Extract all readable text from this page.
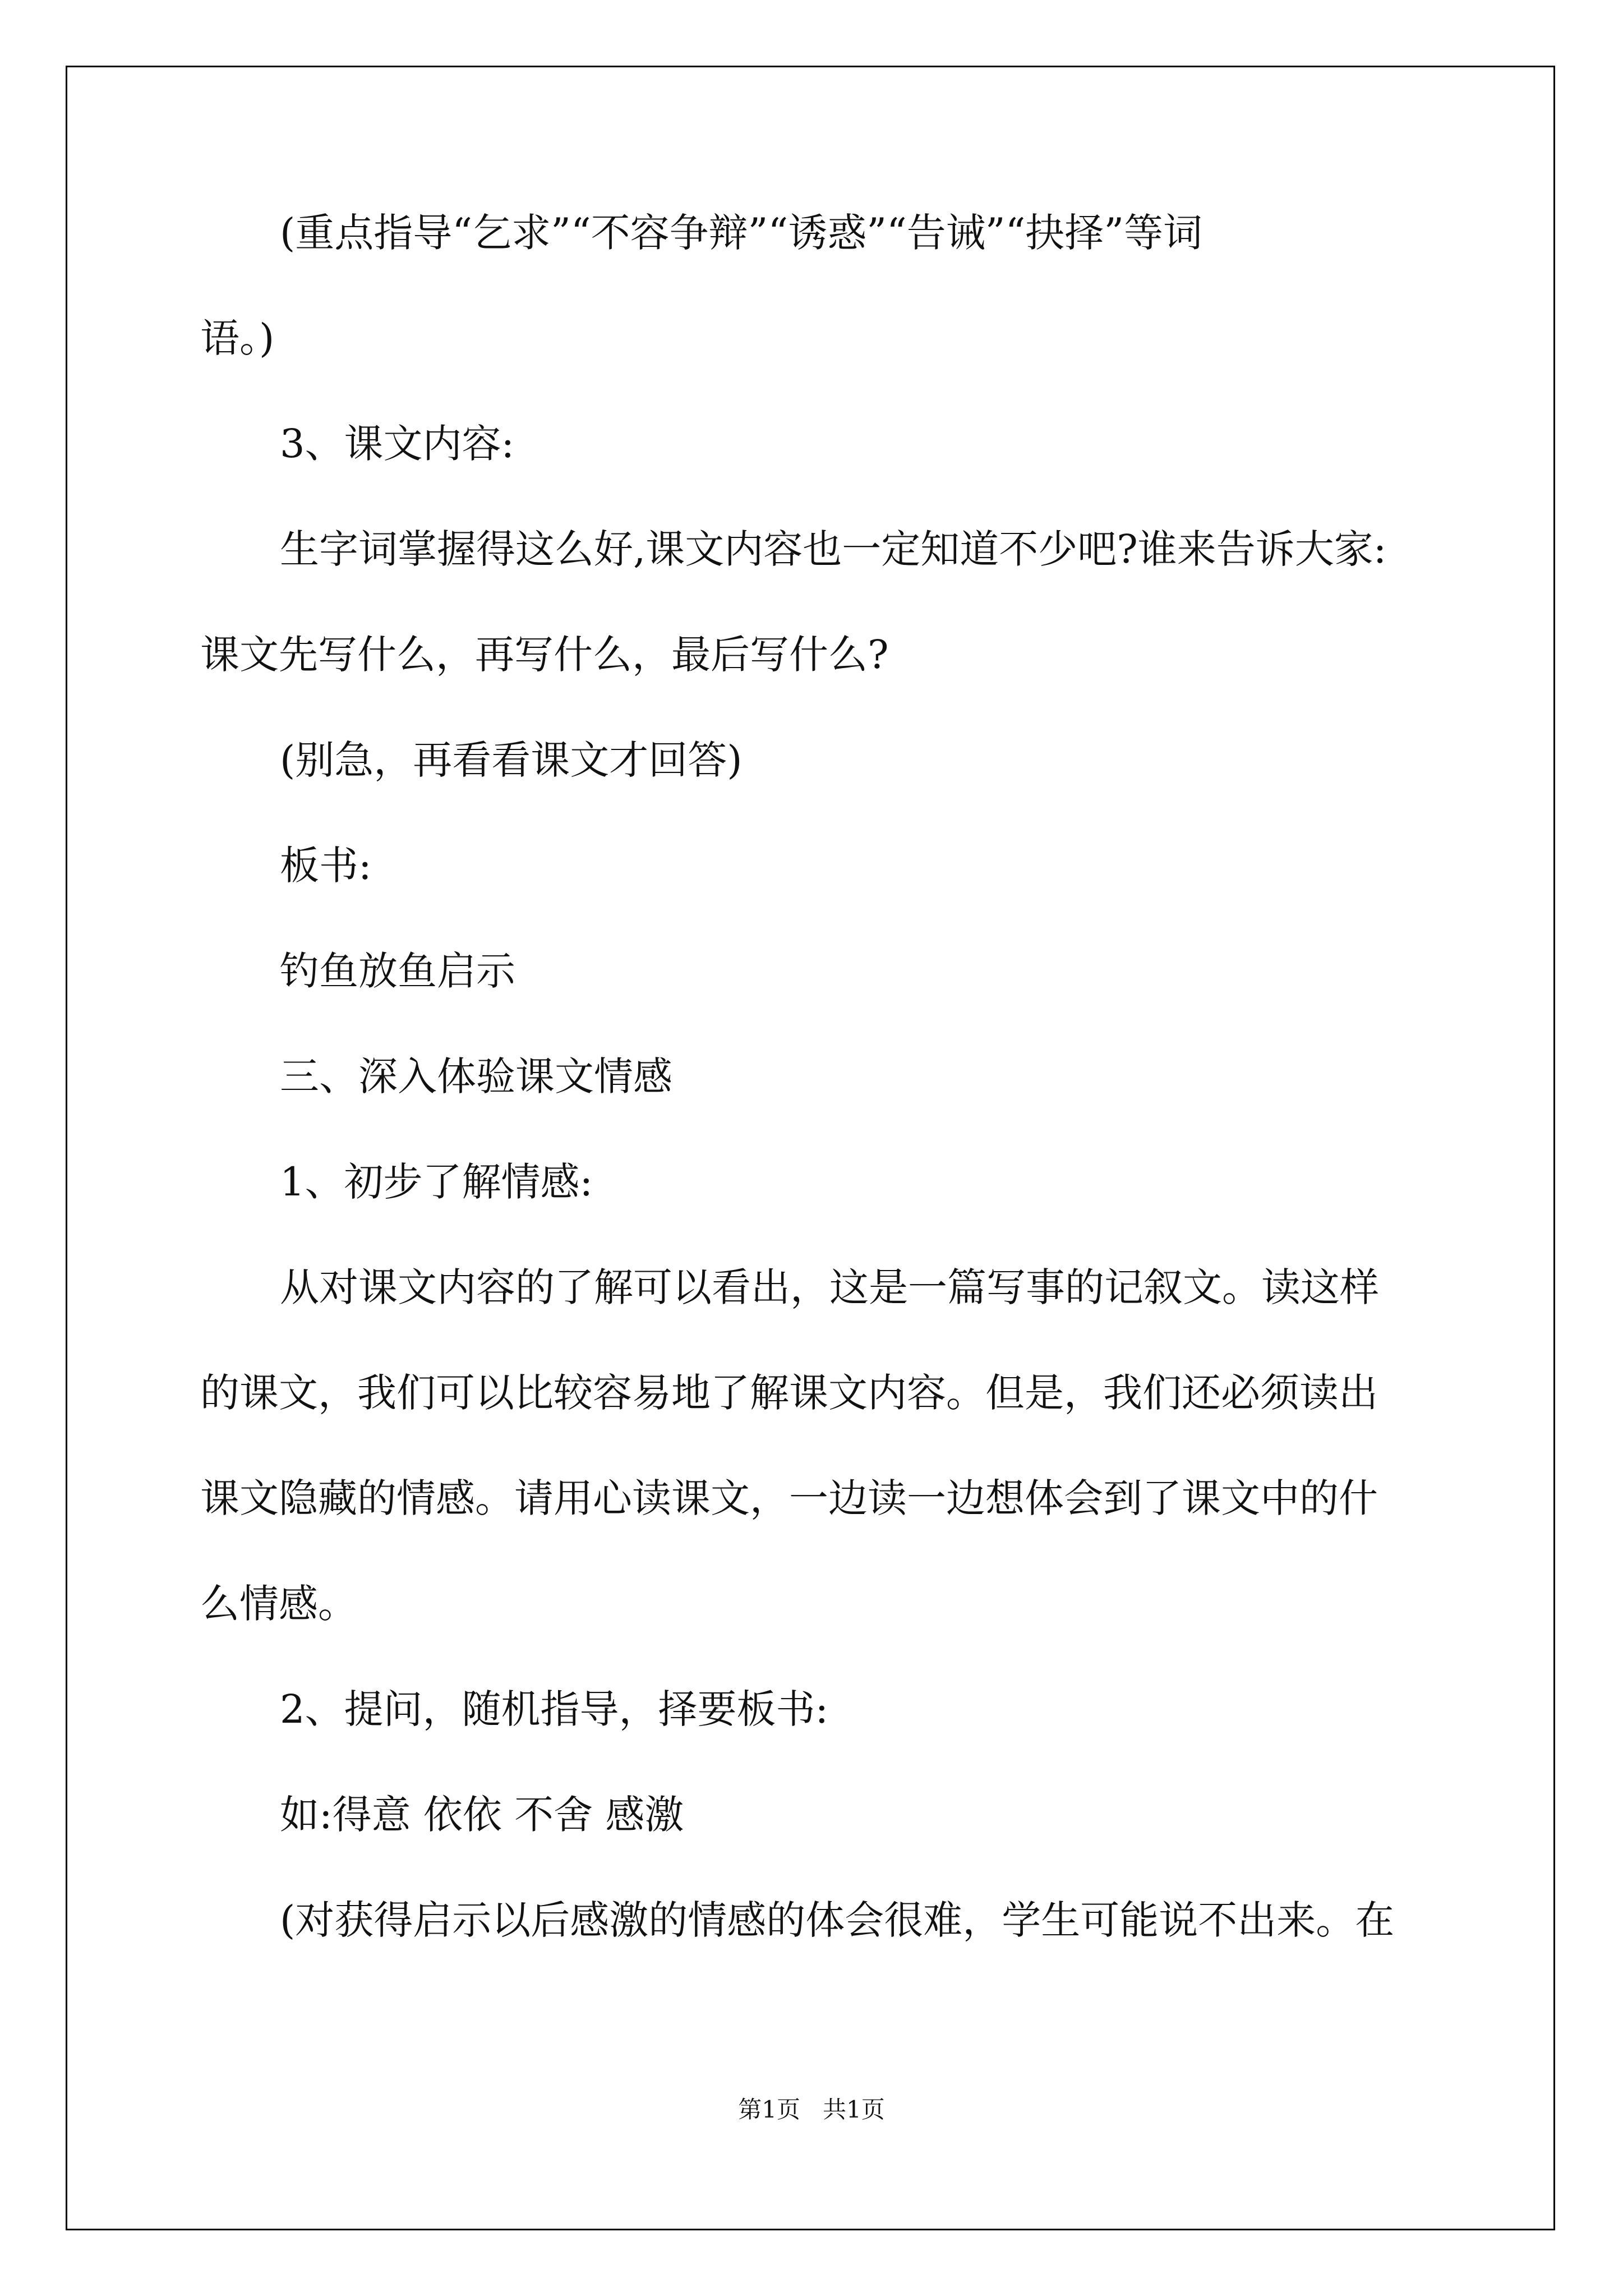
(重点指导“乞求”“不容争辩”“诱惑”“告诫”“抉择”等词
语。)
3、课文内容:
生字词掌握得这么好,课文内容也一定知道不少吧?谁来告诉大家:
课文先写什么，再写什么，最后写什么?
(别急，再看看课文才回答)
板书:
钓鱼放鱼启示
三、深入体验课文情感
1、初步了解情感:
从对课文内容的了解可以看出，这是一篇写事的记叙文。读这样
的课文，我们可以比较容易地了解课文内容。但是，我们还必须读出
课文隐藏的情感。请用心读课文，一边读一边想体会到了课文中的什
么情感。
2、提问，随机指导，择要板书:
如:得意 依依 不舍 感激
(对获得启示以后感激的情感的体会很难，学生可能说不出来。在
第1页   共1页
